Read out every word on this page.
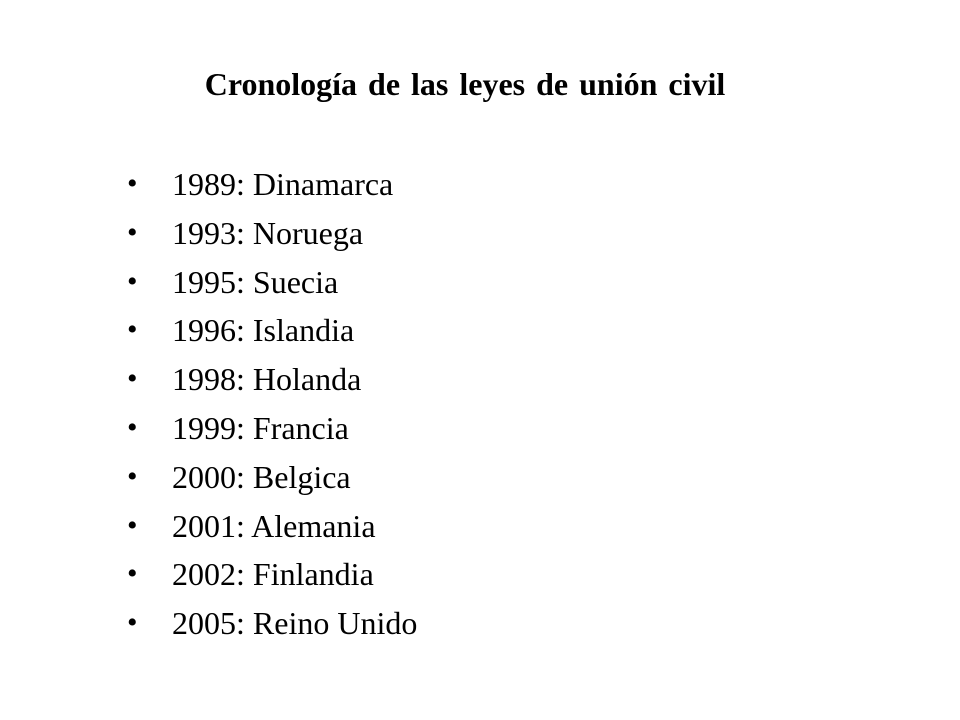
Cronología de las leyes de unión civil
• 1989: Dinamarca
• 1993: Noruega
• 1995: Suecia
• 1996: Islandia
• 1998: Holanda
• 1999: Francia
• 2000: Belgica
• 2001: Alemania
• 2002: Finlandia
• 2005: Reino Unido
